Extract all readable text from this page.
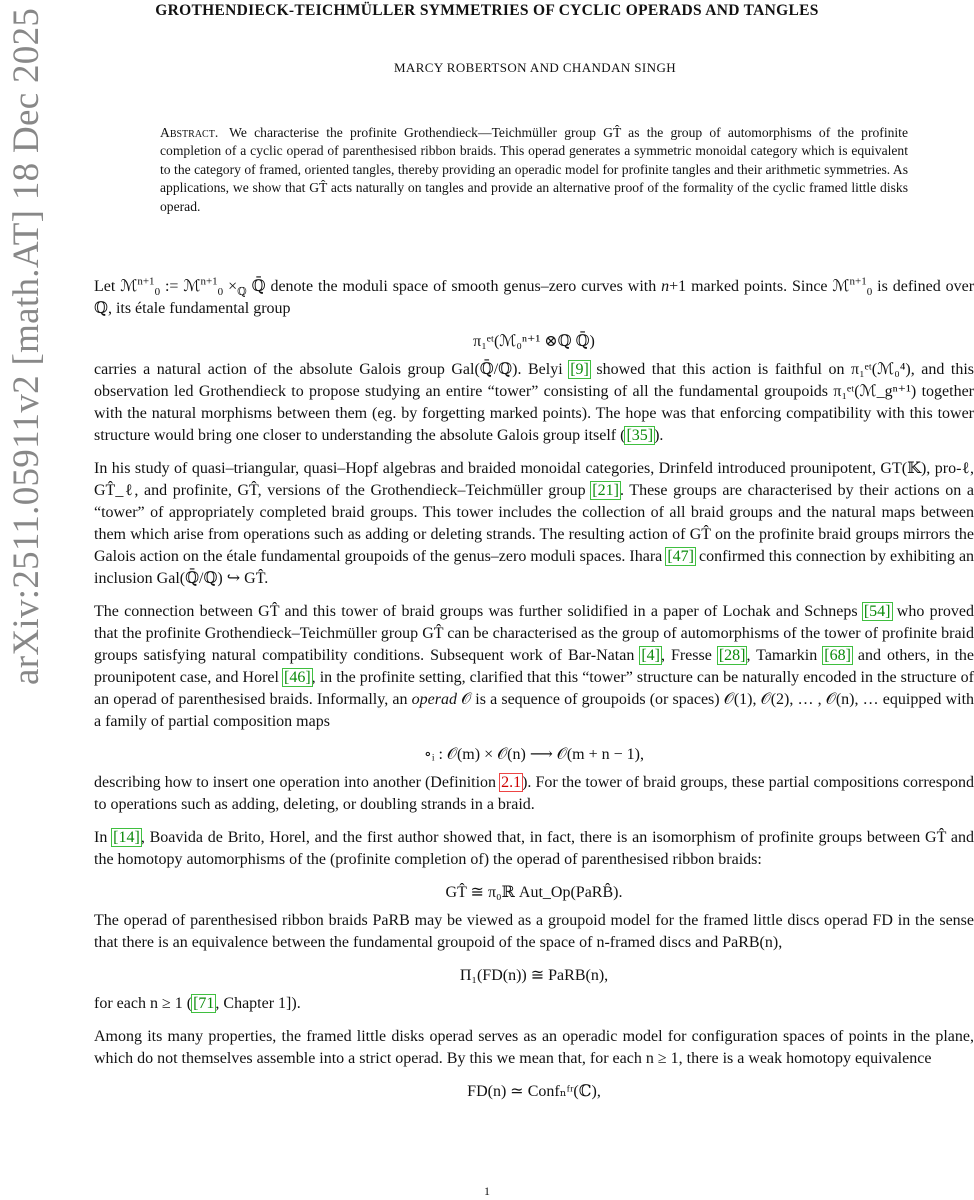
arXiv:2511.05911v2 [math.AT] 18 Dec 2025	GROTHENDIECK-TEICHMÜLLER SYMMETRIES OF CYCLIC OPERADS AND TANGLES
MARCY ROBERTSON AND CHANDAN SINGH
Abstract. We characterise the profinite Grothendieck—Teichmüller group GT̂ as the group of automorphisms of the profinite completion of a cyclic operad of parenthesised ribbon braids. This operad generates a symmetric monoidal category which is equivalent to the category of framed, oriented tangles, thereby providing an operadic model for profinite tangles and their arithmetic symmetries. As applications, we show that GT̂ acts naturally on tangles and provide an alternative proof of the formality of the cyclic framed little disks operad.

Let ℳ$^{n+1}_0$ := ℳ$^{n+1}_0$ $\times_ℚ$ ℚ̄ denote the moduli space of smooth genus–zero curves with n+1 marked points. Since ℳ$^{n+1}_0$ is defined over ℚ, its étale fundamental group

π₁ᵉᵗ(ℳ₀ⁿ⁺¹ ⊗ℚ ℚ̄)

carries a natural action of the absolute Galois group Gal(ℚ̄/ℚ). Belyi [9] showed that this action is faithful on π₁ᵉᵗ(ℳ₀⁴), and this observation led Grothendieck to propose studying an entire “tower” consisting of all the fundamental groupoids π₁ᵉᵗ(ℳ_gⁿ⁺¹) together with the natural morphisms between them (eg. by forgetting marked points). The hope was that enforcing compatibility with this tower structure would bring one closer to understanding the absolute Galois group itself ([35]).

In his study of quasi–triangular, quasi–Hopf algebras and braided monoidal categories, Drinfeld introduced prounipotent, GT(𝕂), pro-ℓ, GT̂_ℓ, and profinite, GT̂, versions of the Grothendieck–Teichmüller group [21]. These groups are characterised by their actions on a “tower” of appropriately completed braid groups. This tower includes the collection of all braid groups and the natural maps between them which arise from operations such as adding or deleting strands. The resulting action of GT̂ on the profinite braid groups mirrors the Galois action on the étale fundamental groupoids of the genus–zero moduli spaces. Ihara [47] confirmed this connection by exhibiting an inclusion Gal(ℚ̄/ℚ) ↪ GT̂.

The connection between GT̂ and this tower of braid groups was further solidified in a paper of Lochak and Schneps [54] who proved that the profinite Grothendieck–Teichmüller group GT̂ can be characterised as the group of automorphisms of the tower of profinite braid groups satisfying natural compatibility conditions. Subsequent work of Bar-Natan [4], Fresse [28], Tamarkin [68] and others, in the prounipotent case, and Horel [46], in the profinite setting, clarified that this “tower” structure can be naturally encoded in the structure of an operad of parenthesised braids. Informally, an operad 𝒪 is a sequence of groupoids (or spaces) 𝒪(1), 𝒪(2), … , 𝒪(n), … equipped with a family of partial composition maps

∘ᵢ : 𝒪(m) × 𝒪(n) ⟶ 𝒪(m + n − 1),

describing how to insert one operation into another (Definition 2.1). For the tower of braid groups, these partial compositions correspond to operations such as adding, deleting, or doubling strands in a braid.

In [14], Boavida de Brito, Horel, and the first author showed that, in fact, there is an isomorphism of profinite groups between GT̂ and the homotopy automorphisms of the (profinite completion of) the operad of parenthesised ribbon braids:

GT̂ ≅ π₀ℝ Aut_Op(PaRB̂).

The operad of parenthesised ribbon braids PaRB may be viewed as a groupoid model for the framed little discs operad FD in the sense that there is an equivalence between the fundamental groupoid of the space of n-framed discs and PaRB(n),

Π₁(FD(n)) ≅ PaRB(n),

for each n ≥ 1 ([71, Chapter 1]).

Among its many properties, the framed little disks operad serves as an operadic model for configuration spaces of points in the plane, which do not themselves assemble into a strict operad. By this we mean that, for each n ≥ 1, there is a weak homotopy equivalence

FD(n) ≃ Confₙᶠʳ(ℂ),
1
